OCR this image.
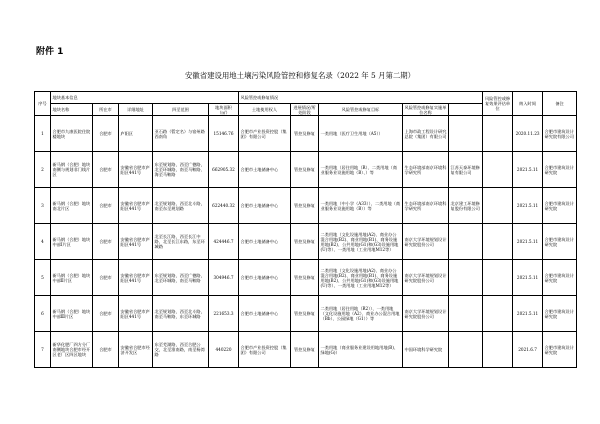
附件 1
安徽省建设用地土壤污染风险管控和修复名录（2022 年 5 月第二期）
序号	地块基本信息					风险管控或修复情况					风险管控或修复效果评估单位	纳入时间	备注
	地块名称	所在市	详细地址	四至范围	地块面积（㎡）	土地使用权人	进展情况/所处阶段	风险管控或修复目标	风险管控或修复实施单位名称				
1	合肥市九康医院住院楼地块	合肥市	庐阳区	亚石路（暂定名）与宿州路西南角	15146.76	合肥市产业投资控股（集团）有限公司	管控及修复	一类用地（医疗卫生用地（A5））	上海市政工程设计研究总院（集团）有限公司			2020.11.23	合肥市建筑设计研究院有限公司
2	新马钢（合肥）地块南侧与规划非门线片区	合肥市	安徽省合肥市庐阳区441号	东至规划路，西至广德路，北至环城路，南至马鞍路、海至马鞍路	662905.32	合肥市土地储备中心	管控及修复	一类用地（居住用地（R）、二类用地（商业服务业设施用地（B）、）等	生态环境部南京环境科学研究所	江苏天泰环境修复有限公司		2021.5.11	合肥市建筑设计研究院
3	新马钢（合肥）地块南北片区	合肥市	安徽省合肥市庐阳区441号	北至规划路，西至北斗路，南至东至规划路	622440.32	合肥市土地储备中心	管控及修复	一类用地（中小学（A33））、二类用地（商业服务业设施用地（B））等	生态环境部南京环境科学研究所	北京建工环境修复股份有限公司		2021.5.11	合肥市建筑设计研究院
4	新马钢（合肥）地块中部Ⅰ片区	合肥市	安徽省合肥市庐阳区441号	北至长江路，西至长江中路，北至长江东路，东至环城路	424446.7	合肥市土地储备中心	管控及修复	二类用地（文化设施用地(A2)、商业办公混合用地(B2)、商业用地(B1)、商务设施用地(B2)、公共用地(G1)和(G3)设施用地(U)等）、一类用地（工业用地M12等）	南京大学环境规划设计研究院股份公司			2021.5.11	合肥市建筑设计研究院
5	新马钢（合肥）地块中部Ⅱ片区	合肥市	安徽省合肥市庐阳区441号	东至规划路，西至广德路，北至环城路，南至马鞍路	304946.7	合肥市土地储备中心	管控及修复	二类用地（文化设施用地(A2)、商业办公混合用地(B2)、商业用地(B1)、商务设施用地(B2)、公共用地(G1)和(G3)设施用地(U)等）、一类用地（工业用地M12等）	南京大学环境规划设计研究院股份公司			2021.5.11	合肥市建筑设计研究院
6	新马钢（合肥）地块中部Ⅲ片区	合肥市	安徽省合肥市庐阳区441号	北至规划路，西至北斗路，南至马鞍路，东至环城路	221653.3	合肥市土地储备中心	管控及修复	二类用地（居住用地（R2））、一类用地（文化设施用地（A2）、商业办公混合用地（Bb）、公园绿地（G1））等	南京大学环境规划设计研究院股份公司			2021.5.11	合肥市建筑设计研究院
7	新华化肥厂四方分厂南侧地块合肥市经开区老厂区四区地块	合肥市	安徽省合肥市经济开发区	东至芜湖路，西至合肥公交，北至淮南路，南至杨湾路	440220	合肥市产业投资控股（集团）有限公司	管控及修复	一类用地（商业服务业建设用地用地(B)、绿地(G)）	中国环境科学研究院			2021.6.7	合肥市建筑设计研究院
